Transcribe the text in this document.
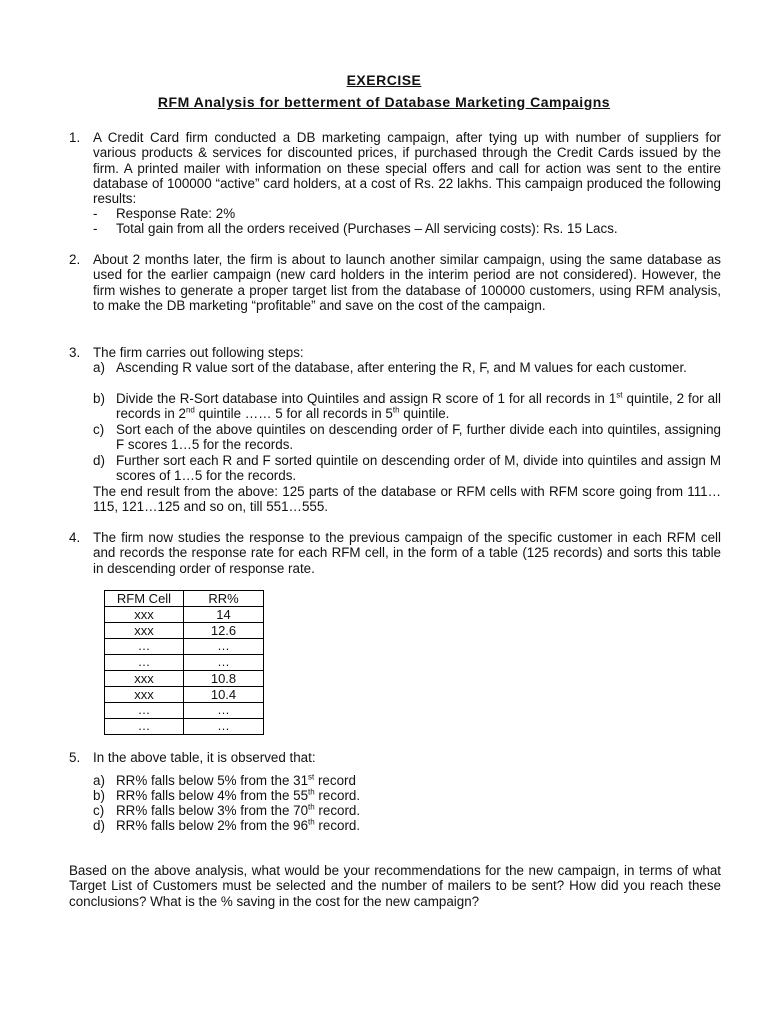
EXERCISE
RFM Analysis for betterment of Database Marketing Campaigns
1. A Credit Card firm conducted a DB marketing campaign, after tying up with number of suppliers for various products & services for discounted prices, if purchased through the Credit Cards issued by the firm. A printed mailer with information on these special offers and call for action was sent to the entire database of 100000 “active” card holders, at a cost of Rs. 22 lakhs. This campaign produced the following results:

- Response Rate: 2%
- Total gain from all the orders received (Purchases – All servicing costs): Rs. 15 Lacs.
2. About 2 months later, the firm is about to launch another similar campaign, using the same database as used for the earlier campaign (new card holders in the interim period are not considered). However, the firm wishes to generate a proper target list from the database of 100000 customers, using RFM analysis, to make the DB marketing “profitable” and save on the cost of the campaign.

3. The firm carries out following steps:

a) Ascending R value sort of the database, after entering the R, F, and M values for each customer.
b) Divide the R-Sort database into Quintiles and assign R score of 1 for all records in 1st quintile, 2 for all records in 2nd quintile …… 5 for all records in 5th quintile.
c) Sort each of the above quintiles on descending order of F, further divide each into quintiles, assigning F scores 1…5 for the records.
d) Further sort each R and F sorted quintile on descending order of M, divide into quintiles and assign M scores of 1…5 for the records.

The end result from the above: 125 parts of the database or RFM cells with RFM score going from 111…115, 121…125 and so on, till 551…555.

4. The firm now studies the response to the previous campaign of the specific customer in each RFM cell and records the response rate for each RFM cell, in the form of a table (125 records) and sorts this table in descending order of response rate.

RFM Cell	RR%
xxx	14
xxx	12.6
…	…
…	…
xxx	10.8
xxx	10.4
…	…
…	…
5. In the above table, it is observed that:

a) RR% falls below 5% from the 31st record
b) RR% falls below 4% from the 55th record.
c) RR% falls below 3% from the 70th record.
d) RR% falls below 2% from the 96th record.

Based on the above analysis, what would be your recommendations for the new campaign, in terms of what Target List of Customers must be selected and the number of mailers to be sent? How did you reach these conclusions? What is the % saving in the cost for the new campaign?
